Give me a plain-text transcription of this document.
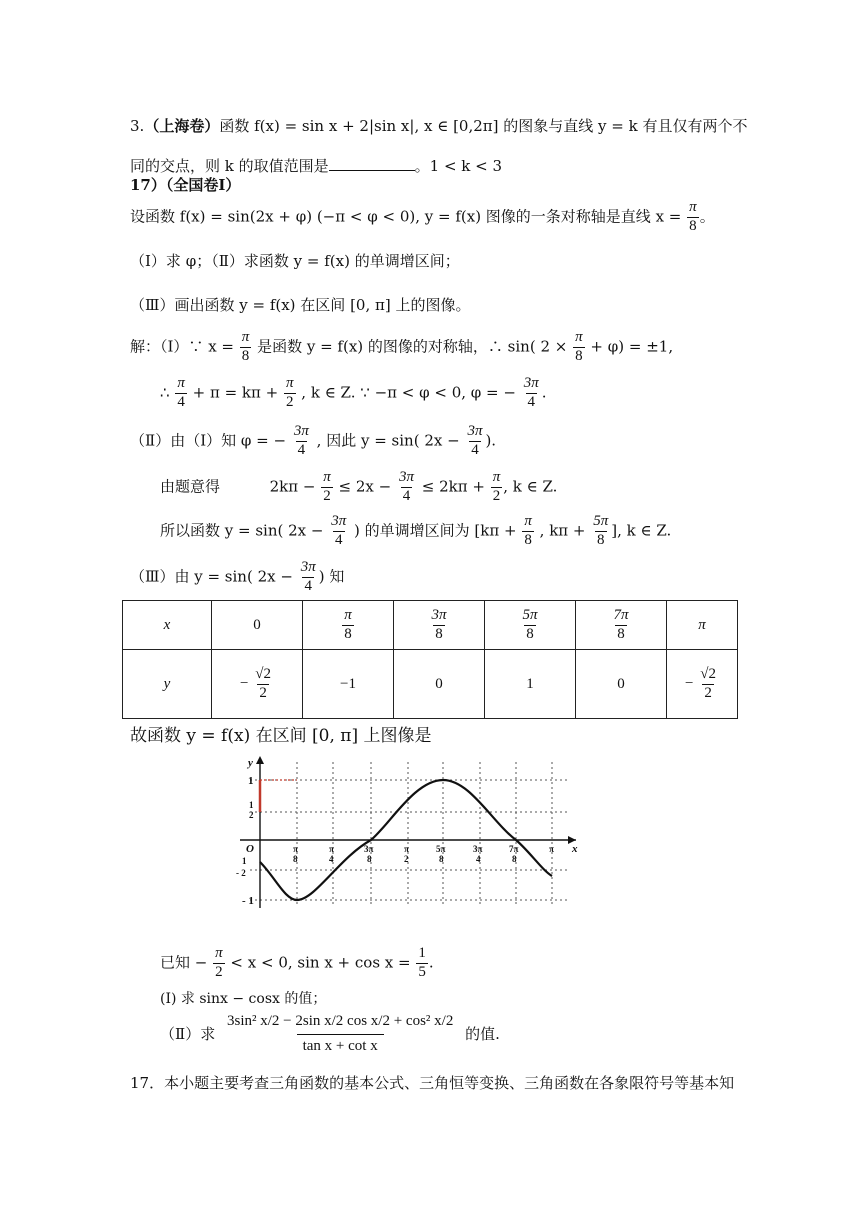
3.（上海卷）函数 f(x) = sin x + 2|sin x|, x ∈ [0,2π] 的图象与直线 y = k 有且仅有两个不
同的交点，则 k 的取值范围是	。1 < k < 3
17）（全国卷Ⅰ）
设函数 f(x) = sin(2x + φ) (−π < φ < 0), y = f(x) 图像的一条对称轴是直线 $x = \frac{\pi}{8}$ 。
（Ⅰ）求 φ；（Ⅱ）求函数 y = f(x) 的单调增区间；
（Ⅲ）画出函数 y = f(x) 在区间 [0, π] 上的图像。
解：（Ⅰ）∵ $x = \frac{\pi}{8}$ 是函数 y = f(x) 的图像的对称轴，∴ sin( $2 \times \frac{\pi}{8} + \varphi) = \pm 1$,
∴ $\frac{\pi}{4} + \pi = k\pi + \frac{\pi}{2}$ , k ∈ Z. ∵ −π < φ < 0, φ = − $\frac{3\pi}{4}$ .
（Ⅱ）由（Ⅰ）知 φ = − $\frac{3\pi}{4}$ , 因此 y = sin( $2x - \frac{3\pi}{4}$ ).
由题意得	$2k\pi - \frac{\pi}{2} \le 2x - \frac{3\pi}{4} \le 2k\pi + \frac{\pi}{2}$ , k ∈ Z.
所以函数 y = sin( $2x - \frac{3\pi}{4}$ ) 的单调增区间为 [$k\pi + \frac{\pi}{8}$ , $k\pi + \frac{5\pi}{8}$ ], k ∈ Z.
（Ⅲ）由 y = sin( $2x - \frac{3\pi}{4}$ ) 知
x	0	$\frac{\pi}{8}$	$\frac{3\pi}{8}$	$\frac{5\pi}{8}$	$\frac{7\pi}{8}$	π
y	− $\frac{√2}{2}$	−1	0	1	0	− $\frac{√2}{2}$
故函数 y = f(x) 在区间 [0, π] 上图像是
y
x
O
1
1
2
1
- 2
- 1
π
8
π
4
3π
8
π
2
5π
8
3π
4
7π
8
π
已知 − $\frac{\pi}{2} < x < 0$, $\sin x + \cos x = \frac{1}{5}$ .
(Ⅰ) 求 sinx − cosx 的值；
（Ⅱ）求 $\frac{\text{3sin² x/2 − 2sin x/2 cos x/2 + cos² x/2}}{\text{tan x + cot x}}$ 的值.
17．本小题主要考查三角函数的基本公式、三角恒等变换、三角函数在各象限符号等基本知
